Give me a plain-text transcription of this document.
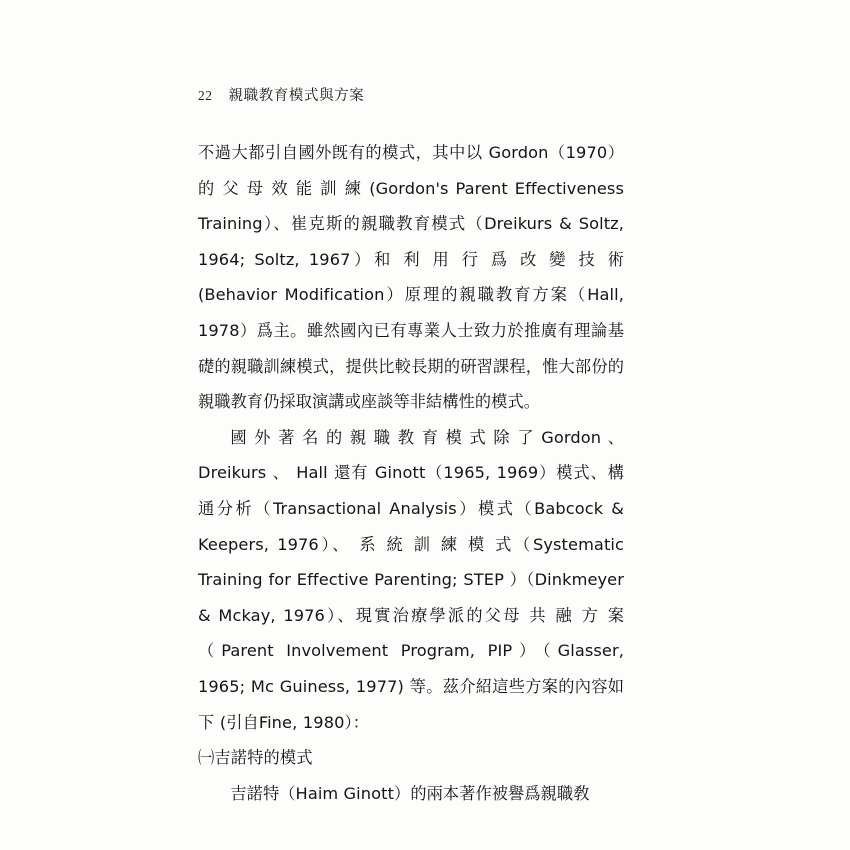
22 親職教育模式與方案

不過大都引自國外旣有的模式，其中以 Gordon（1970）的 父 母 效 能 訓 練 (Gordon's Parent Effectiveness Training）、崔克斯的親職教育模式（Dreikurs & Soltz, 1964; Soltz, 1967）和 利 用 行 爲 改 變 技 術 (Behavior Modification）原理的親職教育方案（Hall, 1978）爲主。雖然國內已有專業人士致力於推廣有理論基礎的親職訓練模式，提供比較長期的硏習課程，惟大部份的親職教育仍採取演講或座談等非結構性的模式。

國 外 著 名 的 親 職 教 育 模 式 除 了 Gordon 、 Dreikurs 、 Hall 還有 Ginott（1965, 1969）模式、構通分析（Transactional Analysis）模式（Babcock & Keepers, 1976）、 系 統 訓 練 模 式（Systematic Training for Effective Parenting; STEP ）（Dinkmeyer & Mckay, 1976）、現實治療學派的父母 共 融 方 案（Parent Involvement Program, PIP）（Glasser, 1965; Mc Guiness, 1977) 等。茲介紹這些方案的內容如下 (引自Fine, 1980）：

㈠吉諾特的模式

吉諾特（Haim Ginott）的兩本著作被譽爲親職敎
